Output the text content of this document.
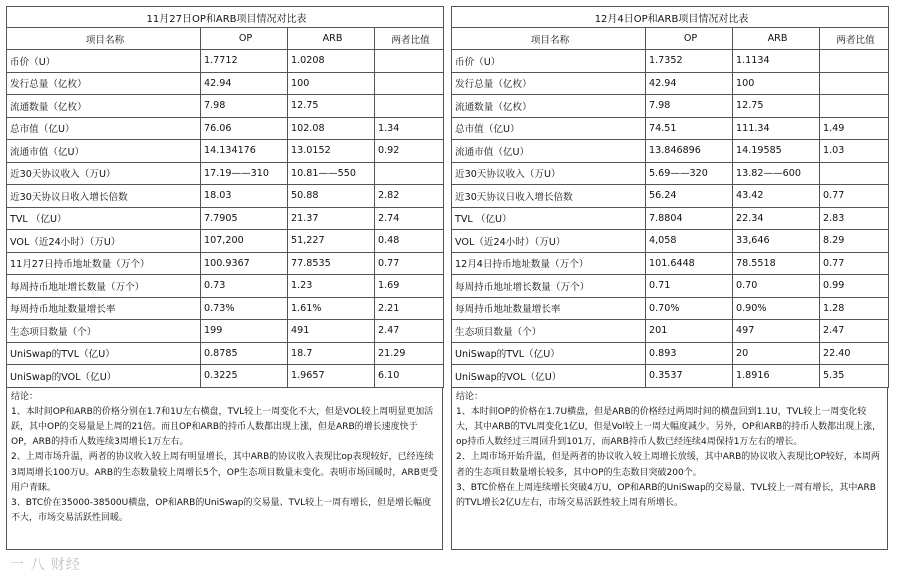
11月27日OP和ARB项目情况对比表			
项目名称	OP	ARB	两者比值
币价（U）	1.7712	1.0208	
发行总量（亿枚）	42.94	100	
流通数量（亿枚）	7.98	12.75	
总市值（亿U）	76.06	102.08	1.34
流通市值（亿U）	14.134176	13.0152	0.92
近30天协议收入（万U）	17.19——310	10.81——550	
近30天协议日收入增长倍数	18.03	50.88	2.82
TVL （亿U）	7.7905	21.37	2.74
VOL（近24小时）（万U）	107,200	51,227	0.48
11月27日持币地址数量（万个）	100.9367	77.8535	0.77
每周持币地址增长数量（万个）	0.73	1.23	1.69
每周持币地址数量增长率	0.73%	1.61%	2.21
生态项目数量（个）	199	491	2.47
UniSwap的TVL（亿U）	0.8785	18.7	21.29
UniSwap的VOL（亿U）	0.3225	1.9657	6.10

结论：

1、本时间OP和ARB的价格分别在1.7和1U左右横盘，TVL较上一周变化不大，但是VOL较上周明显更加活跃，其中OP的交易量是上周的21倍。而且OP和ARB的持币人数都出现上涨，但是ARB的增长速度快于OP，ARB的持币人数连续3周增长1万左右。

2、上周市场升温，两者的协议收入较上周有明显增长，其中ARB的协议收入表现比op表现较好，已经连续3周周增长100万U。ARB的生态数量较上周增长5个，OP生态项目数量未变化。表明市场回暖时，ARB更受用户青睐。

3、BTC价在35000-38500U横盘，OP和ARB的UniSwap的交易量、TVL较上一周有增长，但是增长幅度不大，市场交易活跃性回暖。

12月4日OP和ARB项目情况对比表			
项目名称	OP	ARB	两者比值
币价（U）	1.7352	1.1134	
发行总量（亿枚）	42.94	100	
流通数量（亿枚）	7.98	12.75	
总市值（亿U）	74.51	111.34	1.49
流通市值（亿U）	13.846896	14.19585	1.03
近30天协议收入（万U）	5.69——320	13.82——600	
近30天协议日收入增长倍数	56.24	43.42	0.77
TVL （亿U）	7.8804	22.34	2.83
VOL（近24小时）（万U）	4,058	33,646	8.29
12月4日持币地址数量（万个）	101.6448	78.5518	0.77
每周持币地址增长数量（万个）	0.71	0.70	0.99
每周持币地址数量增长率	0.70%	0.90%	1.28
生态项目数量（个）	201	497	2.47
UniSwap的TVL（亿U）	0.893	20	22.40
UniSwap的VOL（亿U）	0.3537	1.8916	5.35

结论：

1、本时间OP的价格在1.7U横盘，但是ARB的价格经过两周时间的横盘回到1.1U，TVL较上一周变化较大，其中ARB的TVL周变化1亿U，但是Vol较上一周大幅度减少。另外，OP和ARB的持币人数都出现上涨，op持币人数经过三周回升到101万，而ARB持币人数已经连续4周保持1万左右的增长。

2、上周市场开始升温，但是两者的协议收入较上周增长放缓，其中ARB的协议收入表现比OP较好，本周两者的生态项目数量增长较多，其中OP的生态数目突破200个。

3、BTC价格在上周连续增长突破4万U，OP和ARB的UniSwap的交易量、TVL较上一周有增长，其中ARB的TVL增长2亿U左右，市场交易活跃性较上周有所增长。

一 八 财经
